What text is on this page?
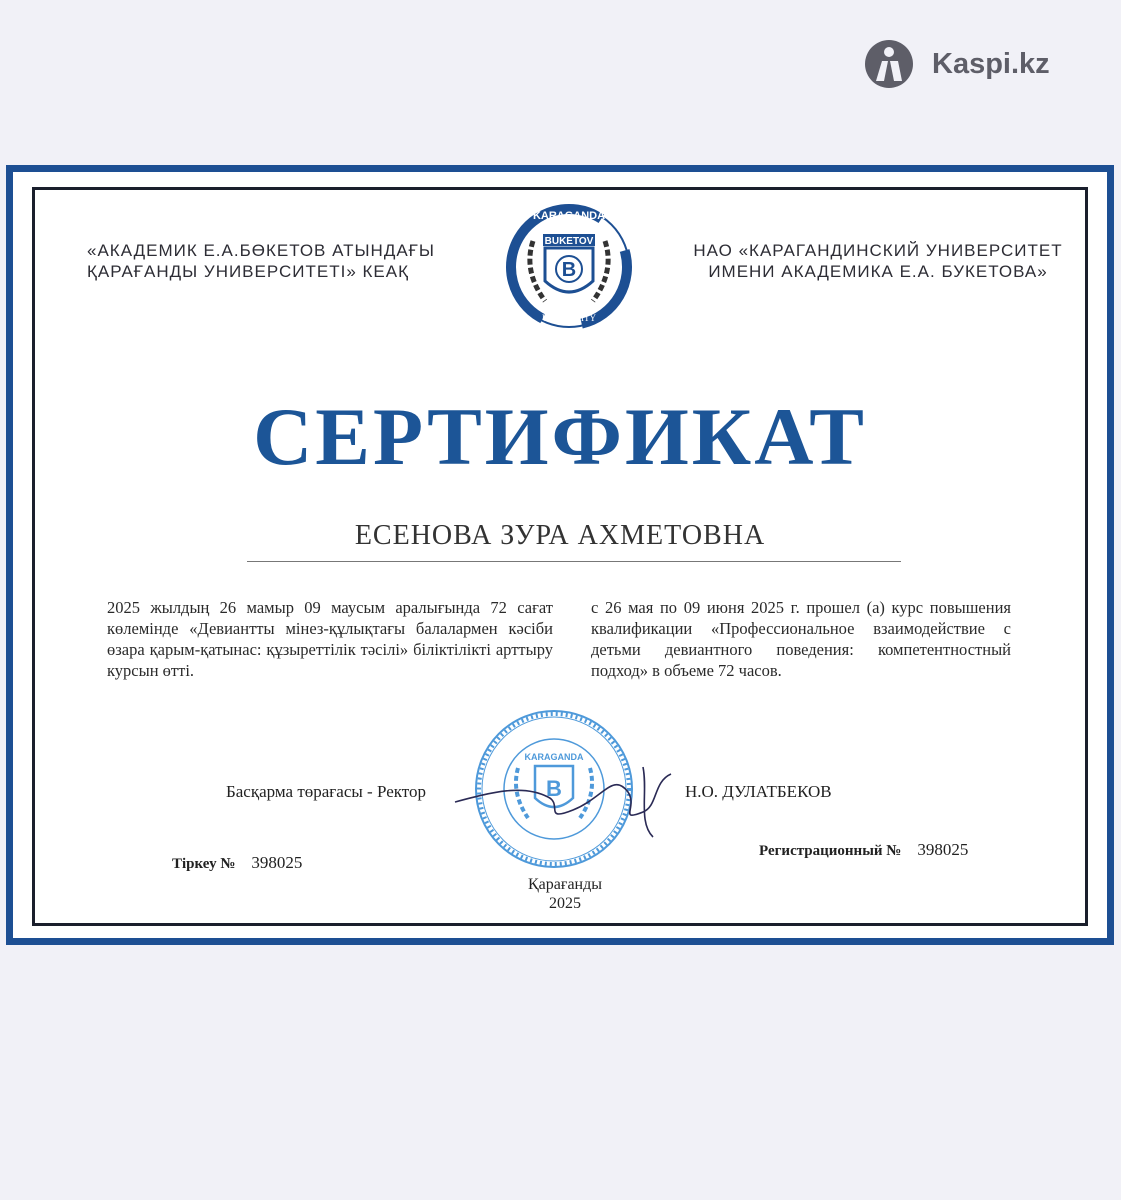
Kaspi.kz
«АКАДЕМИК Е.А.БӨКЕТОВ АТЫНДАҒЫ
ҚАРАҒАНДЫ УНИВЕРСИТЕТІ» КЕАҚ
KARAGANDA
BUKETOV
B
UNIVERSITY
НАО «КАРАГАНДИНСКИЙ УНИВЕРСИТЕТ
ИМЕНИ АКАДЕМИКА Е.А. БУКЕТОВА»
СЕРТИФИКАТ
ЕСЕНОВА ЗУРА АХМЕТОВНА
2025 жылдың 26 мамыр 09 маусым аралығында 72 сағат көлемінде «Девиантты мінез-құлықтағы балалармен кәсіби өзара қарым-қатынас: құзыреттілік тәсілі» біліктілікті арттыру курсын өтті.
с 26 мая по 09 июня 2025 г. прошел (а) курс повышения квалификации «Профессиональное взаимодействие с детьми девиантного поведения: компетентностный подход» в объеме 72 часов.
KARAGANDA
B
Басқарма төрағасы - Ректор	Н.О. ДУЛАТБЕКОВ
Тіркеу № 398025
Регистрационный № 398025
Қарағанды
2025
